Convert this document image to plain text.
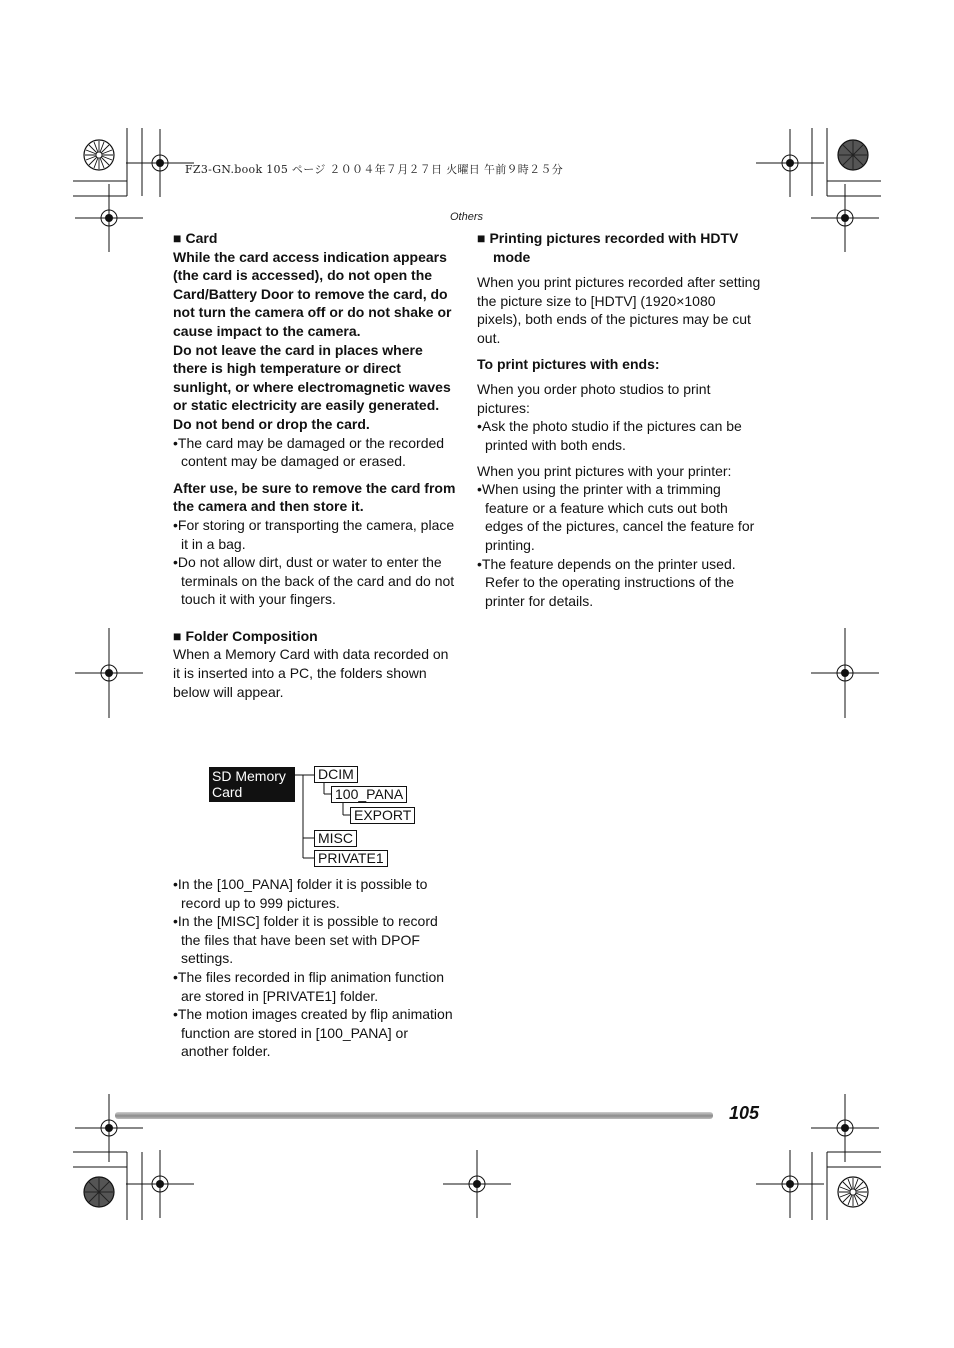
FZ3-GN.book 105 ページ ２００４年７月２７日 火曜日 午前９時２５分
Others
■ Card

While the card access indication appears (the card is accessed), do not open the Card/Battery Door to remove the card, do not turn the camera off or do not shake or cause impact to the camera.

Do not leave the card in places where there is high temperature or direct sunlight, or where electromagnetic waves or static electricity are easily generated.

Do not bend or drop the card.

•The card may be damaged or the recorded content may be damaged or erased.

After use, be sure to remove the card from the camera and then store it.

•For storing or transporting the camera, place it in a bag.
•Do not allow dirt, dust or water to enter the terminals on the back of the card and do not touch it with your fingers.
■ Folder Composition

When a Memory Card with data recorded on it is inserted into a PC, the folders shown below will appear.

SD Memory Card
DCIM
100_PANA
EXPORT
MISC
PRIVATE1
•In the [100_PANA] folder it is possible to record up to 999 pictures.
•In the [MISC] folder it is possible to record the files that have been set with DPOF settings.
•The files recorded in flip animation function are stored in [PRIVATE1] folder.
•The motion images created by flip animation function are stored in [100_PANA] or another folder.
■ Printing pictures recorded with HDTV mode

When you print pictures recorded after setting the picture size to [HDTV] (1920×1080 pixels), both ends of the pictures may be cut out.

To print pictures with ends:

When you order photo studios to print pictures:

•Ask the photo studio if the pictures can be printed with both ends.

When you print pictures with your printer:

•When using the printer with a trimming feature or a feature which cuts out both edges of the pictures, cancel the feature for printing.
•The feature depends on the printer used. Refer to the operating instructions of the printer for details.
105
